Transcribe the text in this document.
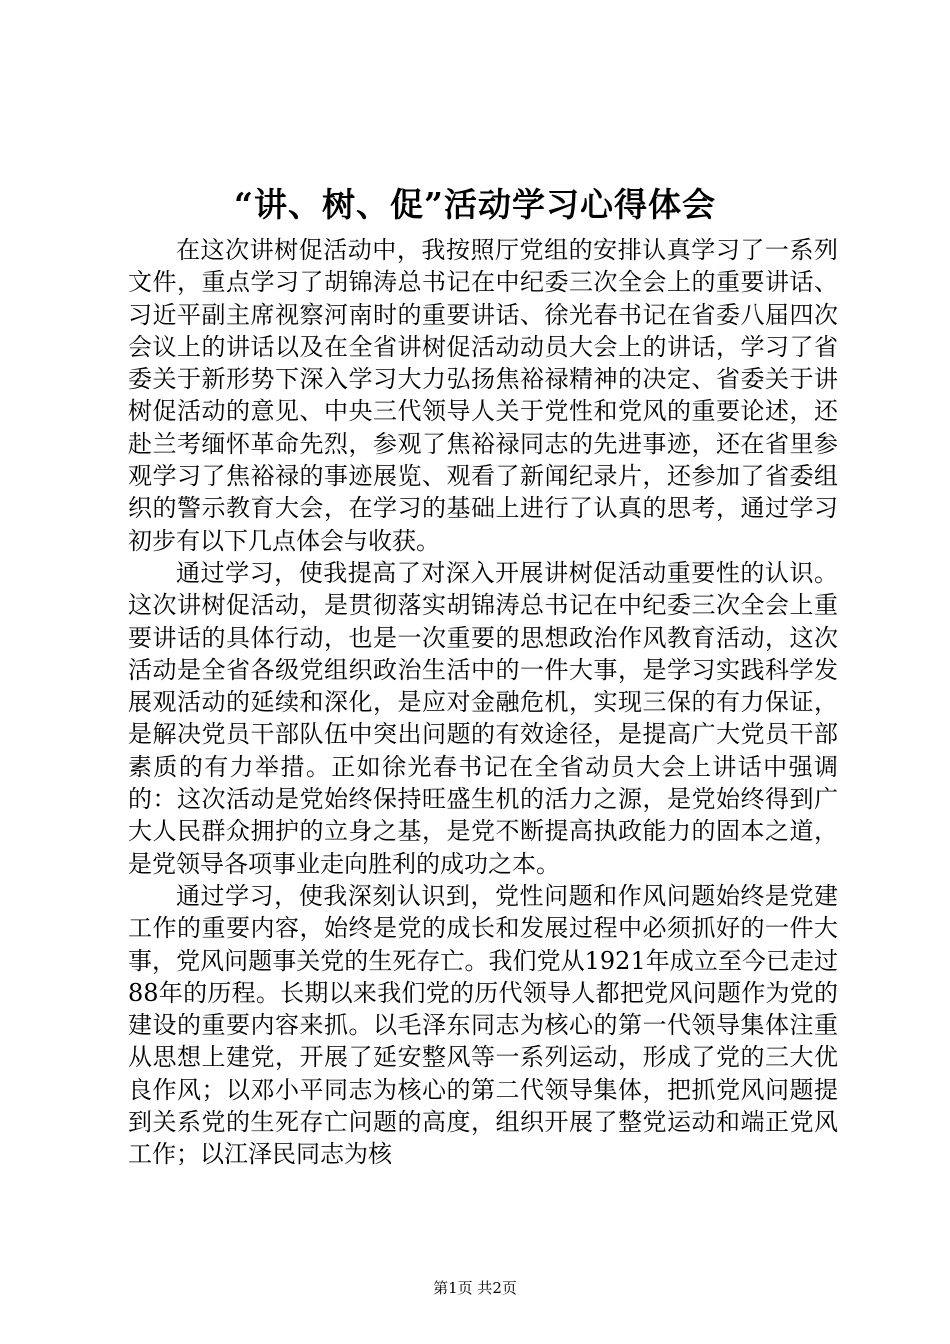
“讲、树、促”活动学习心得体会

在这次讲树促活动中，我按照厅党组的安排认真学习了一系列文件，重点学习了胡锦涛总书记在中纪委三次全会上的重要讲话、习近平副主席视察河南时的重要讲话、徐光春书记在省委八届四次会议上的讲话以及在全省讲树促活动动员大会上的讲话，学习了省委关于新形势下深入学习大力弘扬焦裕禄精神的决定、省委关于讲树促活动的意见、中央三代领导人关于党性和党风的重要论述，还赴兰考缅怀革命先烈，参观了焦裕禄同志的先进事迹，还在省里参观学习了焦裕禄的事迹展览、观看了新闻纪录片，还参加了省委组织的警示教育大会，在学习的基础上进行了认真的思考，通过学习初步有以下几点体会与收获。

通过学习，使我提高了对深入开展讲树促活动重要性的认识。这次讲树促活动，是贯彻落实胡锦涛总书记在中纪委三次全会上重要讲话的具体行动，也是一次重要的思想政治作风教育活动，这次活动是全省各级党组织政治生活中的一件大事，是学习实践科学发展观活动的延续和深化，是应对金融危机，实现三保的有力保证，是解决党员干部队伍中突出问题的有效途径，是提高广大党员干部素质的有力举措。正如徐光春书记在全省动员大会上讲话中强调的：这次活动是党始终保持旺盛生机的活力之源，是党始终得到广大人民群众拥护的立身之基，是党不断提高执政能力的固本之道，是党领导各项事业走向胜利的成功之本。

通过学习，使我深刻认识到，党性问题和作风问题始终是党建工作的重要内容，始终是党的成长和发展过程中必须抓好的一件大事，党风问题事关党的生死存亡。我们党从1921年成立至今已走过88年的历程。长期以来我们党的历代领导人都把党风问题作为党的建设的重要内容来抓。以毛泽东同志为核心的第一代领导集体注重从思想上建党，开展了延安整风等一系列运动，形成了党的三大优良作风；以邓小平同志为核心的第二代领导集体，把抓党风问题提到关系党的生死存亡问题的高度，组织开展了整党运动和端正党风工作；以江泽民同志为核

第1页 共2页
